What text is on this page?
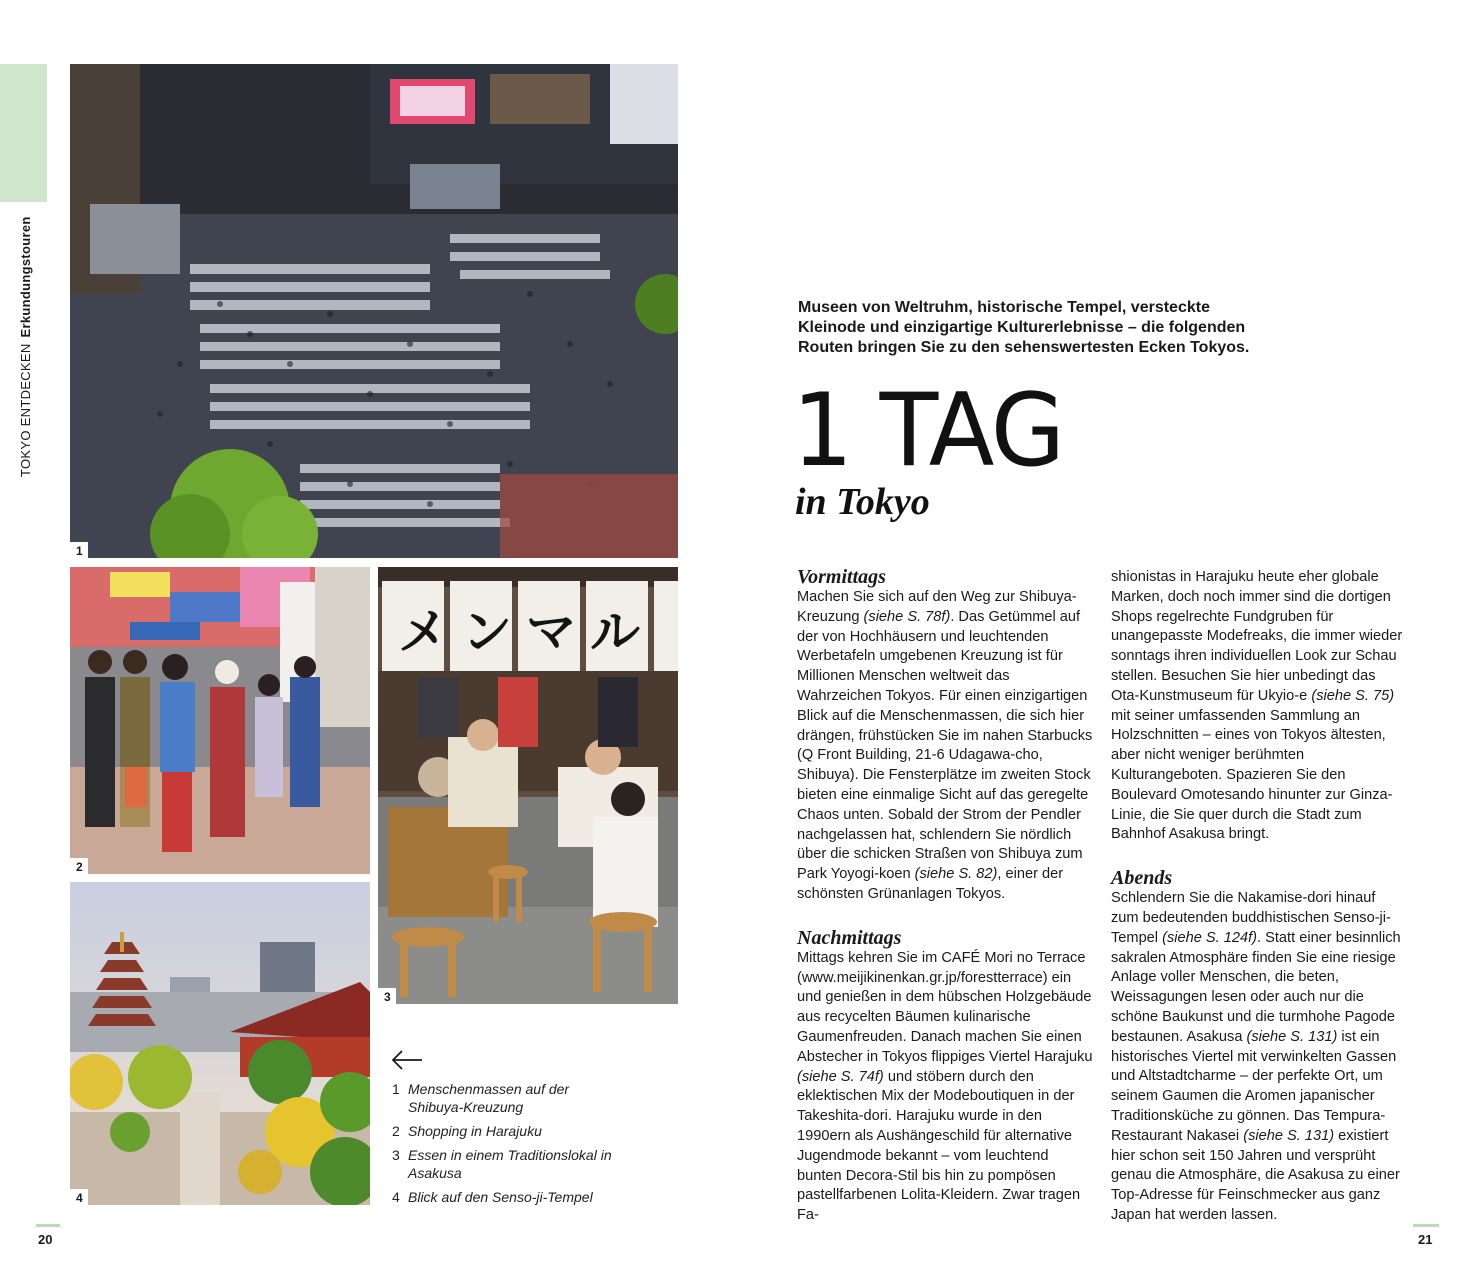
TOKYO ENTDECKENErkundungstouren
1
2
メンマル
3
4
1 Menschenmassen auf der Shibuya-Kreuzung
2 Shopping in Harajuku
3 Essen in einem Traditionslokal in Asakusa
4 Blick auf den Senso-ji-Tempel
Museen von Weltruhm, historische Tempel, versteckte Kleinode und einzigartige Kulturerlebnisse – die folgenden Routen bringen Sie zu den sehenswertesten Ecken Tokyos.
1 TAG
in Tokyo
Vormittags

Machen Sie sich auf den Weg zur Shibuya-Kreuzung (siehe S. 78f). Das Getümmel auf der von Hochhäusern und leuchtenden Werbetafeln umgebenen Kreuzung ist für Millionen Menschen weltweit das Wahrzeichen Tokyos. Für einen einzigartigen Blick auf die Menschenmassen, die sich hier drängen, frühstücken Sie im nahen Starbucks (Q Front Building, 21-6 Udagawa-cho, Shibuya). Die Fensterplätze im zweiten Stock bieten eine einmalige Sicht auf das geregelte Chaos unten. Sobald der Strom der Pendler nachgelassen hat, schlendern Sie nördlich über die schicken Straßen von Shibuya zum Park Yoyogi-koen (siehe S. 82), einer der schönsten Grünanlagen Tokyos.

Nachmittags

Mittags kehren Sie im CAFÉ Mori no Terrace (www.meijikinenkan.gr.jp/forestterrace) ein und genießen in dem hübschen Holzgebäude aus recycelten Bäumen kulinarische Gaumenfreuden. Danach machen Sie einen Abstecher in Tokyos flippiges Viertel Harajuku (siehe S. 74f) und stöbern durch den eklektischen Mix der Modeboutiquen in der Takeshita-dori. Harajuku wurde in den 1990ern als Aushängeschild für alternative Jugendmode bekannt – vom leuchtend bunten Decora-Stil bis hin zu pompösen pastellfarbenen Lolita-Kleidern. Zwar tragen Fa-

shionistas in Harajuku heute eher globale Marken, doch noch immer sind die dortigen Shops regelrechte Fundgruben für unangepasste Modefreaks, die immer wieder sonntags ihren individuellen Look zur Schau stellen. Besuchen Sie hier unbedingt das Ota-Kunstmuseum für Ukyio-e (siehe S. 75) mit seiner umfassenden Sammlung an Holzschnitten – eines von Tokyos ältesten, aber nicht weniger berühmten Kulturangeboten. Spazieren Sie den Boulevard Omotesando hinunter zur Ginza-Linie, die Sie quer durch die Stadt zum Bahnhof Asakusa bringt.

Abends

Schlendern Sie die Nakamise-dori hinauf zum bedeutenden buddhistischen Senso-ji-Tempel (siehe S. 124f). Statt einer besinnlich sakralen Atmosphäre finden Sie eine riesige Anlage voller Menschen, die beten, Weissagungen lesen oder auch nur die schöne Baukunst und die turmhohe Pagode bestaunen. Asakusa (siehe S. 131) ist ein historisches Viertel mit verwinkelten Gassen und Altstadtcharme – der perfekte Ort, um seinem Gaumen die Aromen japanischer Traditionsküche zu gönnen. Das Tempura-Restaurant Nakasei (siehe S. 131) existiert hier schon seit 150 Jahren und versprüht genau die Atmosphäre, die Asakusa zu einer Top-Adresse für Feinschmecker aus ganz Japan hat werden lassen.

20	21
